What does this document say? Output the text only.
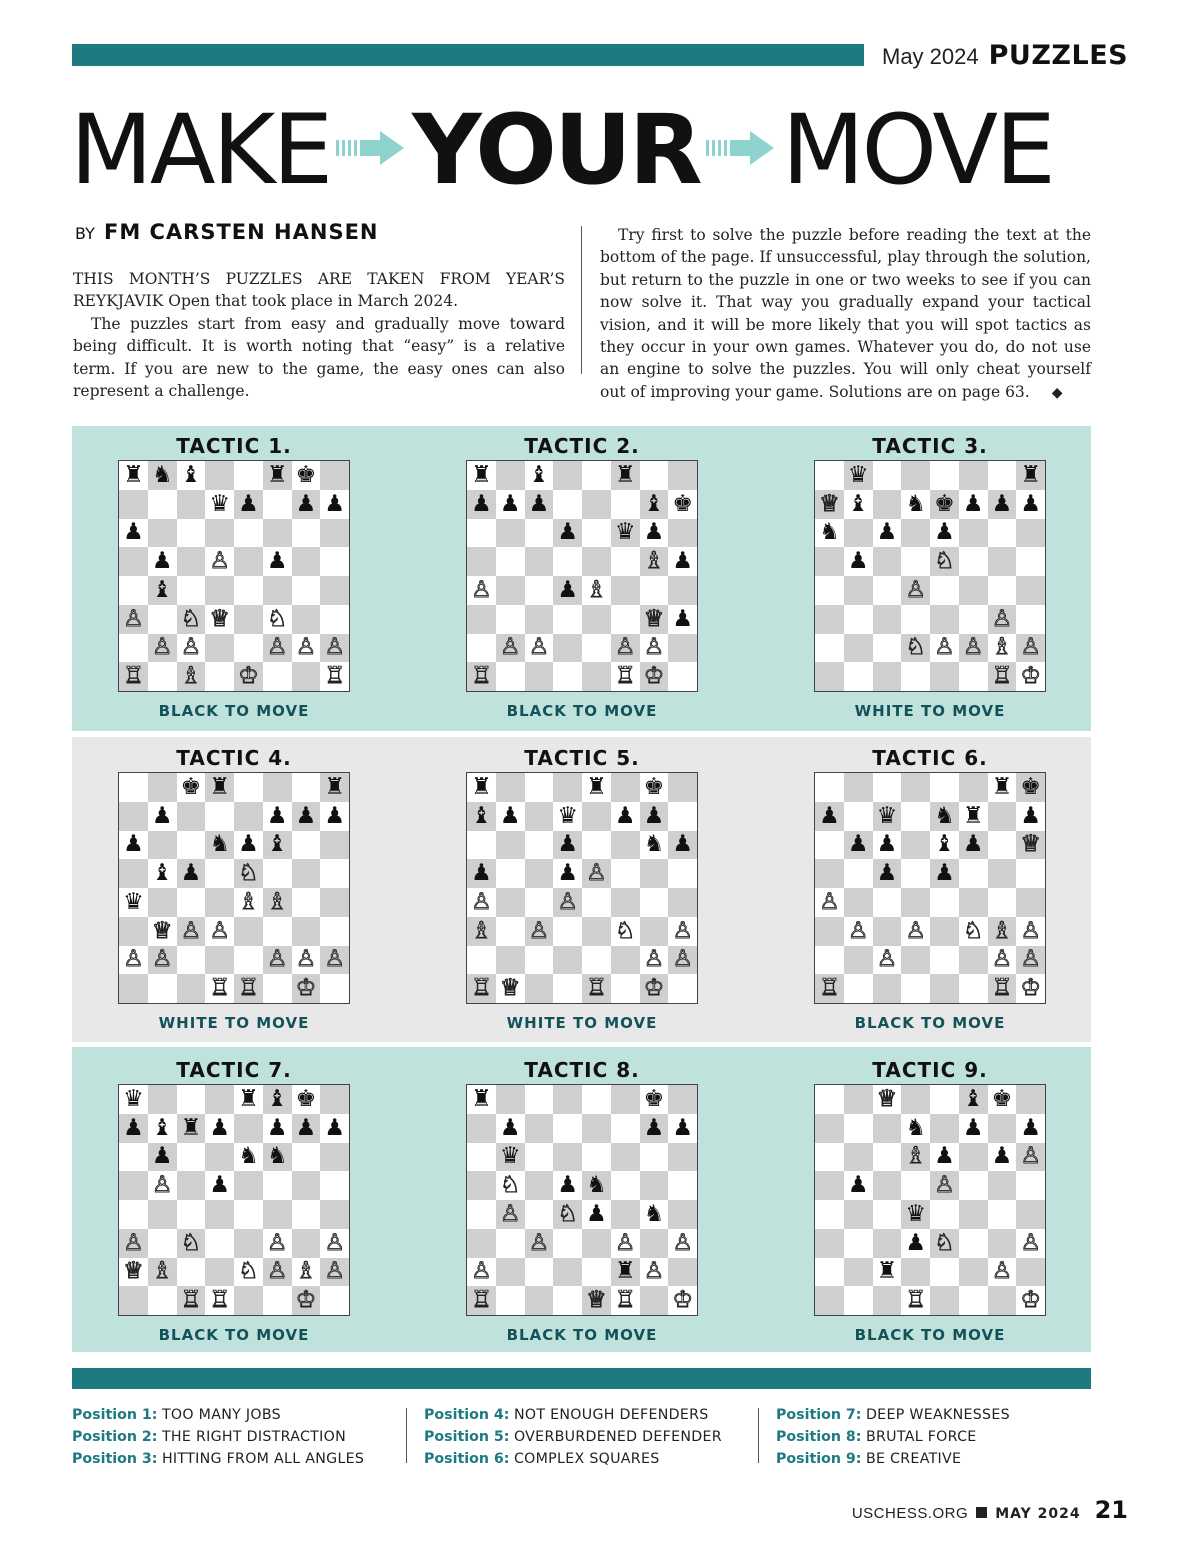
May 2024 PUZZLES
MAKE YOUR MOVE
BY FM CARSTEN HANSEN

THIS MONTH’S PUZZLES ARE TAKEN FROM YEAR’S REYKJAVIK Open that took place in March 2024.

The puzzles start from easy and gradually move toward being difficult. It is worth noting that “easy” is a relative term. If you are new to the game, the easy ones can also represent a challenge.

Try first to solve the puzzle before reading the text at the bottom of the page. If unsuccessful, play through the solution, but return to the puzzle in one or two weeks to see if you can now solve it. That way you gradually expand your tactical vision, and it will be more likely that you will spot tactics as they occur in your own games. Whatever you do, do not use an engine to solve the puzzles. You will only cheat yourself out of improving your game. Solutions are on page 63. ◆

TACTIC 1.
♜ ♞ ♝	♜ ♚
♛ ♟ ♟ ♟
♟
♟ ♙ ♟
♝
♙ ♘ ♕ ♘
♙ ♙	♙ ♙ ♙
♖ ♗ ♔	♖
BLACK TO MOVE
TACTIC 2.
♜ ♝	♜
♟ ♟ ♟	♝ ♚
♟ ♛ ♟
♗ ♟
♙	♟ ♗
♕ ♟
♙ ♙	♙ ♙
♖	♖ ♔
BLACK TO MOVE
TACTIC 3.
♛	♜
♕ ♝ ♞ ♚ ♟ ♟ ♟
♞ ♟ ♟
♟	♘
♙
♙
♘ ♙ ♙ ♗ ♙
♖ ♔
WHITE TO MOVE
TACTIC 4.
♚ ♜	♜
♟	♟ ♟ ♟
♟	♞ ♟ ♝
♝ ♟ ♘
♛	♗ ♗
♕ ♙ ♙
♙ ♙	♙ ♙ ♙
♖ ♖ ♔
WHITE TO MOVE
TACTIC 5.
♜	♜ ♚
♝ ♟ ♛ ♟ ♟
♟	♞ ♟
♟	♟ ♙
♙	♙
♗ ♙	♘ ♙
♙ ♙
♖ ♕	♖ ♔
WHITE TO MOVE
TACTIC 6.
♜ ♚
♟ ♛ ♞ ♜ ♟
♟ ♟ ♝ ♟ ♕
♟ ♟
♙
♙ ♙ ♘ ♗ ♙
♙	♙ ♙
♖	♖ ♔
BLACK TO MOVE
TACTIC 7.
♛	♜ ♝ ♚
♟ ♝ ♜ ♟ ♟ ♟ ♟
♟	♞ ♞
♙ ♟
♙ ♘	♙ ♙
♕ ♗	♘ ♙ ♗ ♙
♖ ♖	♔
BLACK TO MOVE
TACTIC 8.
♜	♚
♟	♟ ♟
♛
♘ ♟ ♞
♙ ♘ ♟ ♞
♙	♙ ♙
♙	♜ ♙
♖	♕ ♖ ♔
BLACK TO MOVE
TACTIC 9.
♕	♝ ♚
♞ ♟ ♟
♗ ♟ ♟ ♙
♟	♙
♛
♟ ♘	♙
♜	♙
♖	♔
BLACK TO MOVE
Position 1: TOO MANY JOBS
Position 2: THE RIGHT DISTRACTION
Position 3: HITTING FROM ALL ANGLES
Position 4: NOT ENOUGH DEFENDERS
Position 5: OVERBURDENED DEFENDER
Position 6: COMPLEX SQUARES
Position 7: DEEP WEAKNESSES
Position 8: BRUTAL FORCE
Position 9: BE CREATIVE
USCHESS.ORG MAY 2024 21
